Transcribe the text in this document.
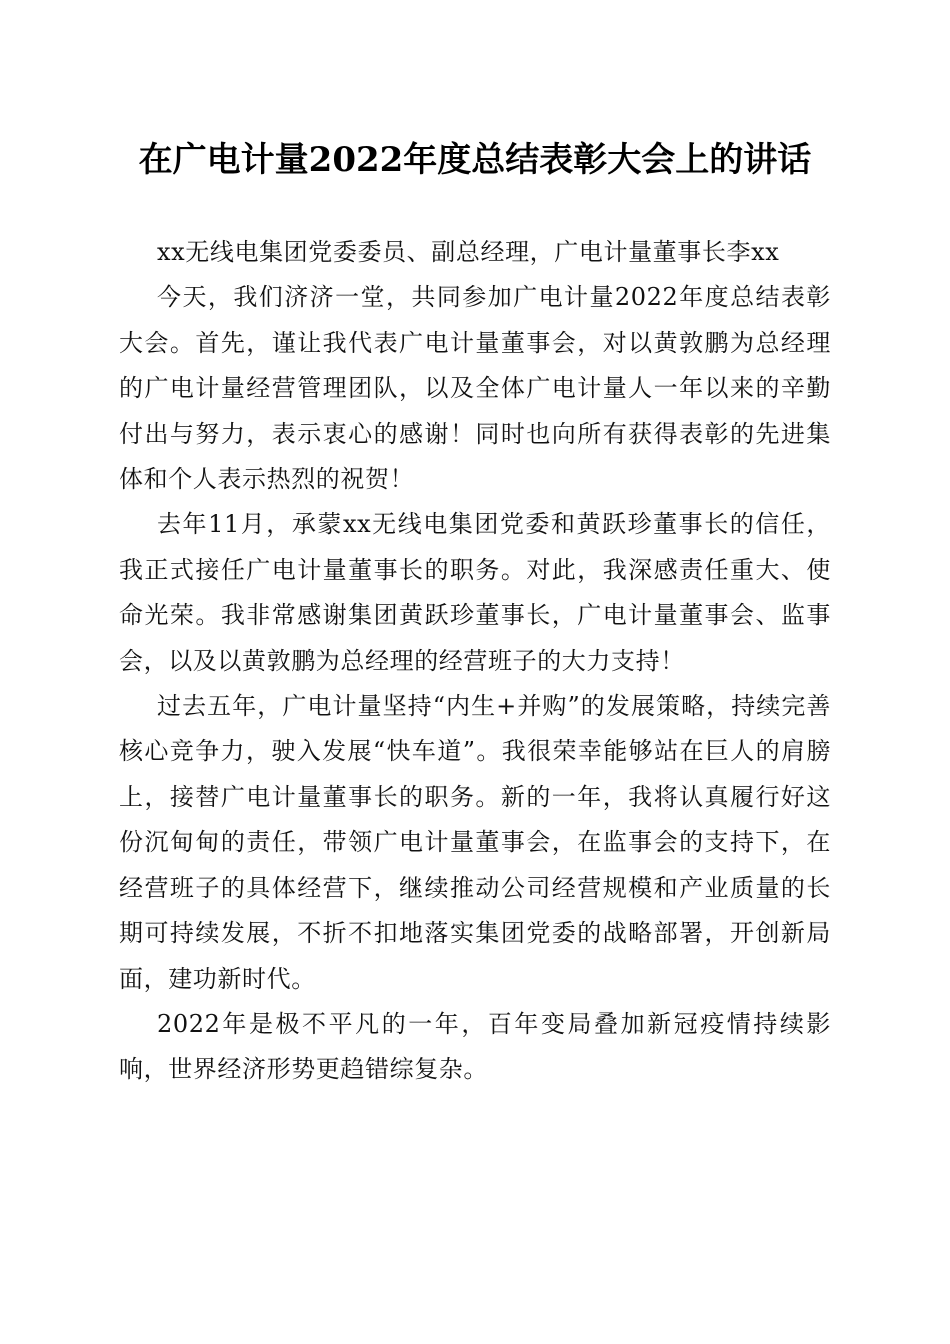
在广电计量2022年度总结表彰大会上的讲话

xx无线电集团党委委员、副总经理，广电计量董事长李xx

今天，我们济济一堂，共同参加广电计量2022年度总结表彰大会。首先，谨让我代表广电计量董事会，对以黄敦鹏为总经理的广电计量经营管理团队，以及全体广电计量人一年以来的辛勤付出与努力，表示衷心的感谢！同时也向所有获得表彰的先进集体和个人表示热烈的祝贺！

去年11月，承蒙xx无线电集团党委和黄跃珍董事长的信任，我正式接任广电计量董事长的职务。对此，我深感责任重大、使命光荣。我非常感谢集团黄跃珍董事长，广电计量董事会、监事会，以及以黄敦鹏为总经理的经营班子的大力支持！

过去五年，广电计量坚持“内生+并购”的发展策略，持续完善核心竞争力，驶入发展“快车道”。我很荣幸能够站在巨人的肩膀上，接替广电计量董事长的职务。新的一年，我将认真履行好这份沉甸甸的责任，带领广电计量董事会，在监事会的支持下，在经营班子的具体经营下，继续推动公司经营规模和产业质量的长期可持续发展，不折不扣地落实集团党委的战略部署，开创新局面，建功新时代。

2022年是极不平凡的一年，百年变局叠加新冠疫情持续影响，世界经济形势更趋错综复杂。
